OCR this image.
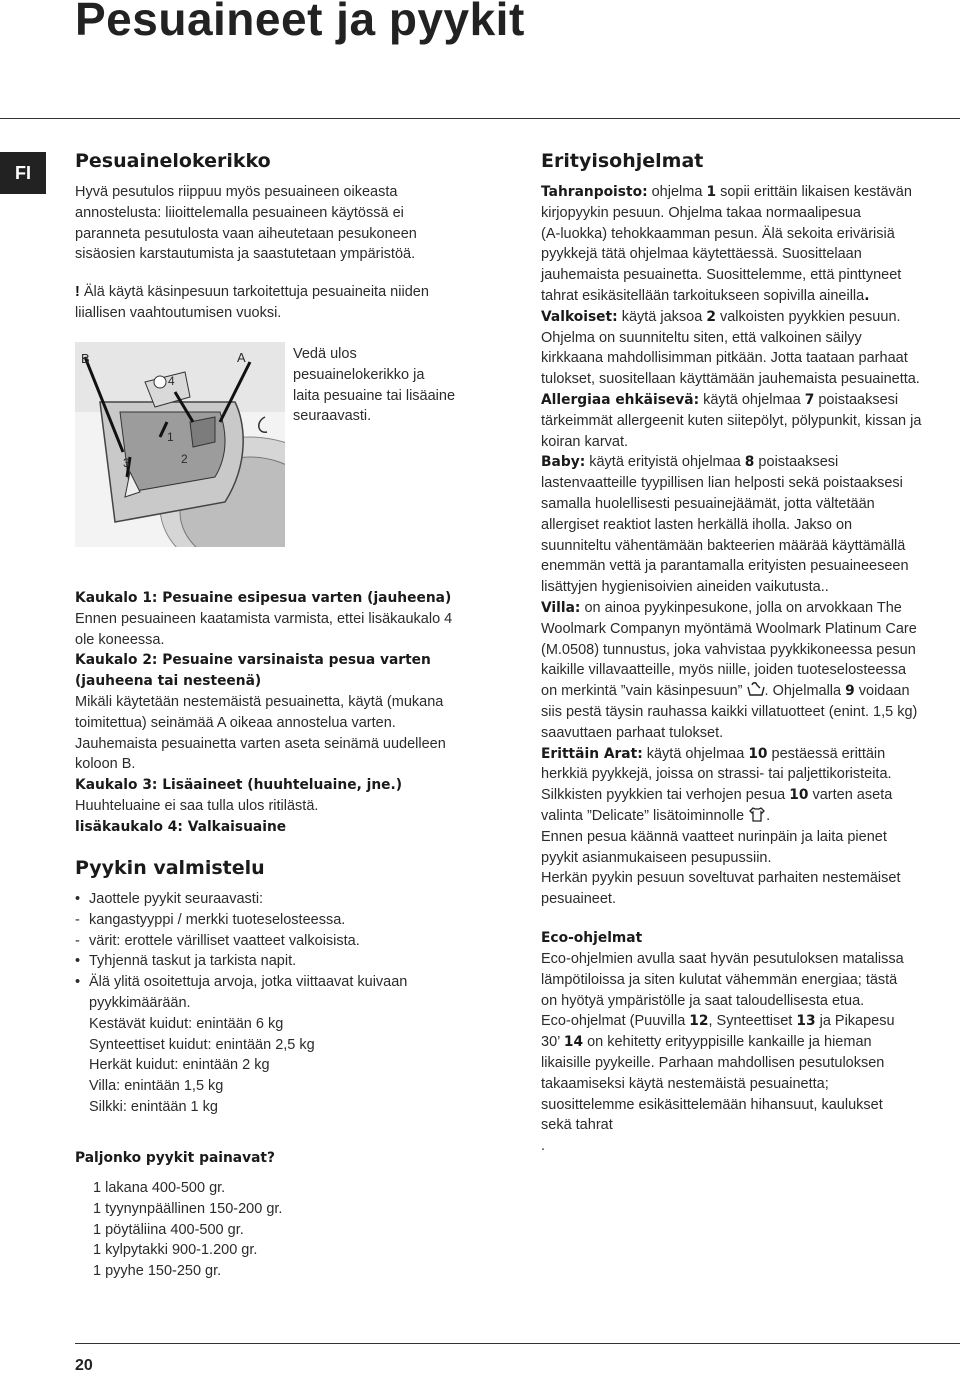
Pesuaineet ja pyykit
FI
Pesuainelokerikko

Hyvä pesutulos riippuu myös pesuaineen oikeasta

annostelusta: liioittelemalla pesuaineen käytössä ei

paranneta pesutulosta vaan aiheutetaan pesukoneen

sisäosien karstautumista ja saastutetaan ympäristöä.

! Älä käytä käsinpesuun tarkoitettuja pesuaineita niiden

liiallisen vaahtoutumisen vuoksi.

B	A
4
1
3	2

Vedä ulos

pesuainelokerikko ja

laita pesuaine tai lisäaine

seuraavasti.

Kaukalo 1: Pesuaine esipesua varten (jauheena)

Ennen pesuaineen kaatamista varmista, ettei lisäkaukalo 4

ole koneessa.

Kaukalo 2: Pesuaine varsinaista pesua varten

(jauheena tai nesteenä)

Mikäli käytetään nestemäistä pesuainetta, käytä (mukana

toimitettua) seinämää A oikeaa annostelua varten.

Jauhemaista pesuainetta varten aseta seinämä uudelleen

koloon B.

Kaukalo 3: Lisäaineet (huuhteluaine, jne.)

Huuhteluaine ei saa tulla ulos ritilästä.

lisäkaukalo 4: Valkaisuaine

Pyykin valmistelu

• Jaottele pyykit seuraavasti:

- kangastyyppi / merkki tuoteselosteessa.

- värit: erottele värilliset vaatteet valkoisista.

• Tyhjennä taskut ja tarkista napit.

• Älä ylitä osoitettuja arvoja, jotka viittaavat kuivaan

pyykkimäärään.

Kestävät kuidut: enintään 6 kg

Synteettiset kuidut: enintään 2,5 kg

Herkät kuidut: enintään 2 kg

Villa: enintään 1,5 kg

Silkki: enintään 1 kg

Paljonko pyykit painavat?

1 lakana 400-500 gr.

1 tyynynpäällinen 150-200 gr.

1 pöytäliina 400-500 gr.

1 kylpytakki 900-1.200 gr.

1 pyyhe 150-250 gr.

Erityisohjelmat

Tahranpoisto: ohjelma 1 sopii erittäin likaisen kestävän

kirjopyykin pesuun. Ohjelma takaa normaalipesua

(A-luokka) tehokkaamman pesun. Älä sekoita erivärisiä

pyykkejä tätä ohjelmaa käytettäessä. Suosittelaan

jauhemaista pesuainetta. Suosittelemme, että pinttyneet

tahrat esikäsitellään tarkoitukseen sopivilla aineilla.

Valkoiset: käytä jaksoa 2 valkoisten pyykkien pesuun.

Ohjelma on suunniteltu siten, että valkoinen säilyy

kirkkaana mahdollisimman pitkään. Jotta taataan parhaat

tulokset, suositellaan käyttämään jauhemaista pesuainetta.

Allergiaa ehkäisevä: käytä ohjelmaa 7 poistaaksesi

tärkeimmät allergeenit kuten siitepölyt, pölypunkit, kissan ja

koiran karvat.

Baby: käytä erityistä ohjelmaa 8 poistaaksesi

lastenvaatteille tyypillisen lian helposti sekä poistaaksesi

samalla huolellisesti pesuainejäämät, jotta vältetään

allergiset reaktiot lasten herkällä iholla. Jakso on

suunniteltu vähentämään bakteerien määrää käyttämällä

enemmän vettä ja parantamalla erityisten pesuaineeseen

lisättyjen hygienisoivien aineiden vaikutusta..

Villa: on ainoa pyykinpesukone, jolla on arvokkaan The

Woolmark Companyn myöntämä Woolmark Platinum Care

(M.0508) tunnustus, joka vahvistaa pyykkikoneessa pesun

kaikille villavaatteille, myös niille, joiden tuoteselosteessa

on merkintä ”vain käsinpesuun” . Ohjelmalla 9 voidaan

siis pestä täysin rauhassa kaikki villatuotteet (enint. 1,5 kg)

saavuttaen parhaat tulokset.

Erittäin Arat: käytä ohjelmaa 10 pestäessä erittäin

herkkiä pyykkejä, joissa on strassi- tai paljettikoristeita.

Silkkisten pyykkien tai verhojen pesua 10 varten aseta

valinta ”Delicate” lisätoiminnolle .

Ennen pesua käännä vaatteet nurinpäin ja laita pienet

pyykit asianmukaiseen pesupussiin.

Herkän pyykin pesuun soveltuvat parhaiten nestemäiset

pesuaineet.

Eco-ohjelmat

Eco-ohjelmien avulla saat hyvän pesutuloksen matalissa

lämpötiloissa ja siten kulutat vähemmän energiaa; tästä

on hyötyä ympäristölle ja saat taloudellisesta etua.

Eco-ohjelmat (Puuvilla 12, Synteettiset 13 ja Pikapesu

30’ 14 on kehitetty erityyppisille kankaille ja hieman

likaisille pyykeille. Parhaan mahdollisen pesutuloksen

takaamiseksi käytä nestemäistä pesuainetta;

suosittelemme esikäsittelemään hihansuut, kaulukset

sekä tahrat

.

20
